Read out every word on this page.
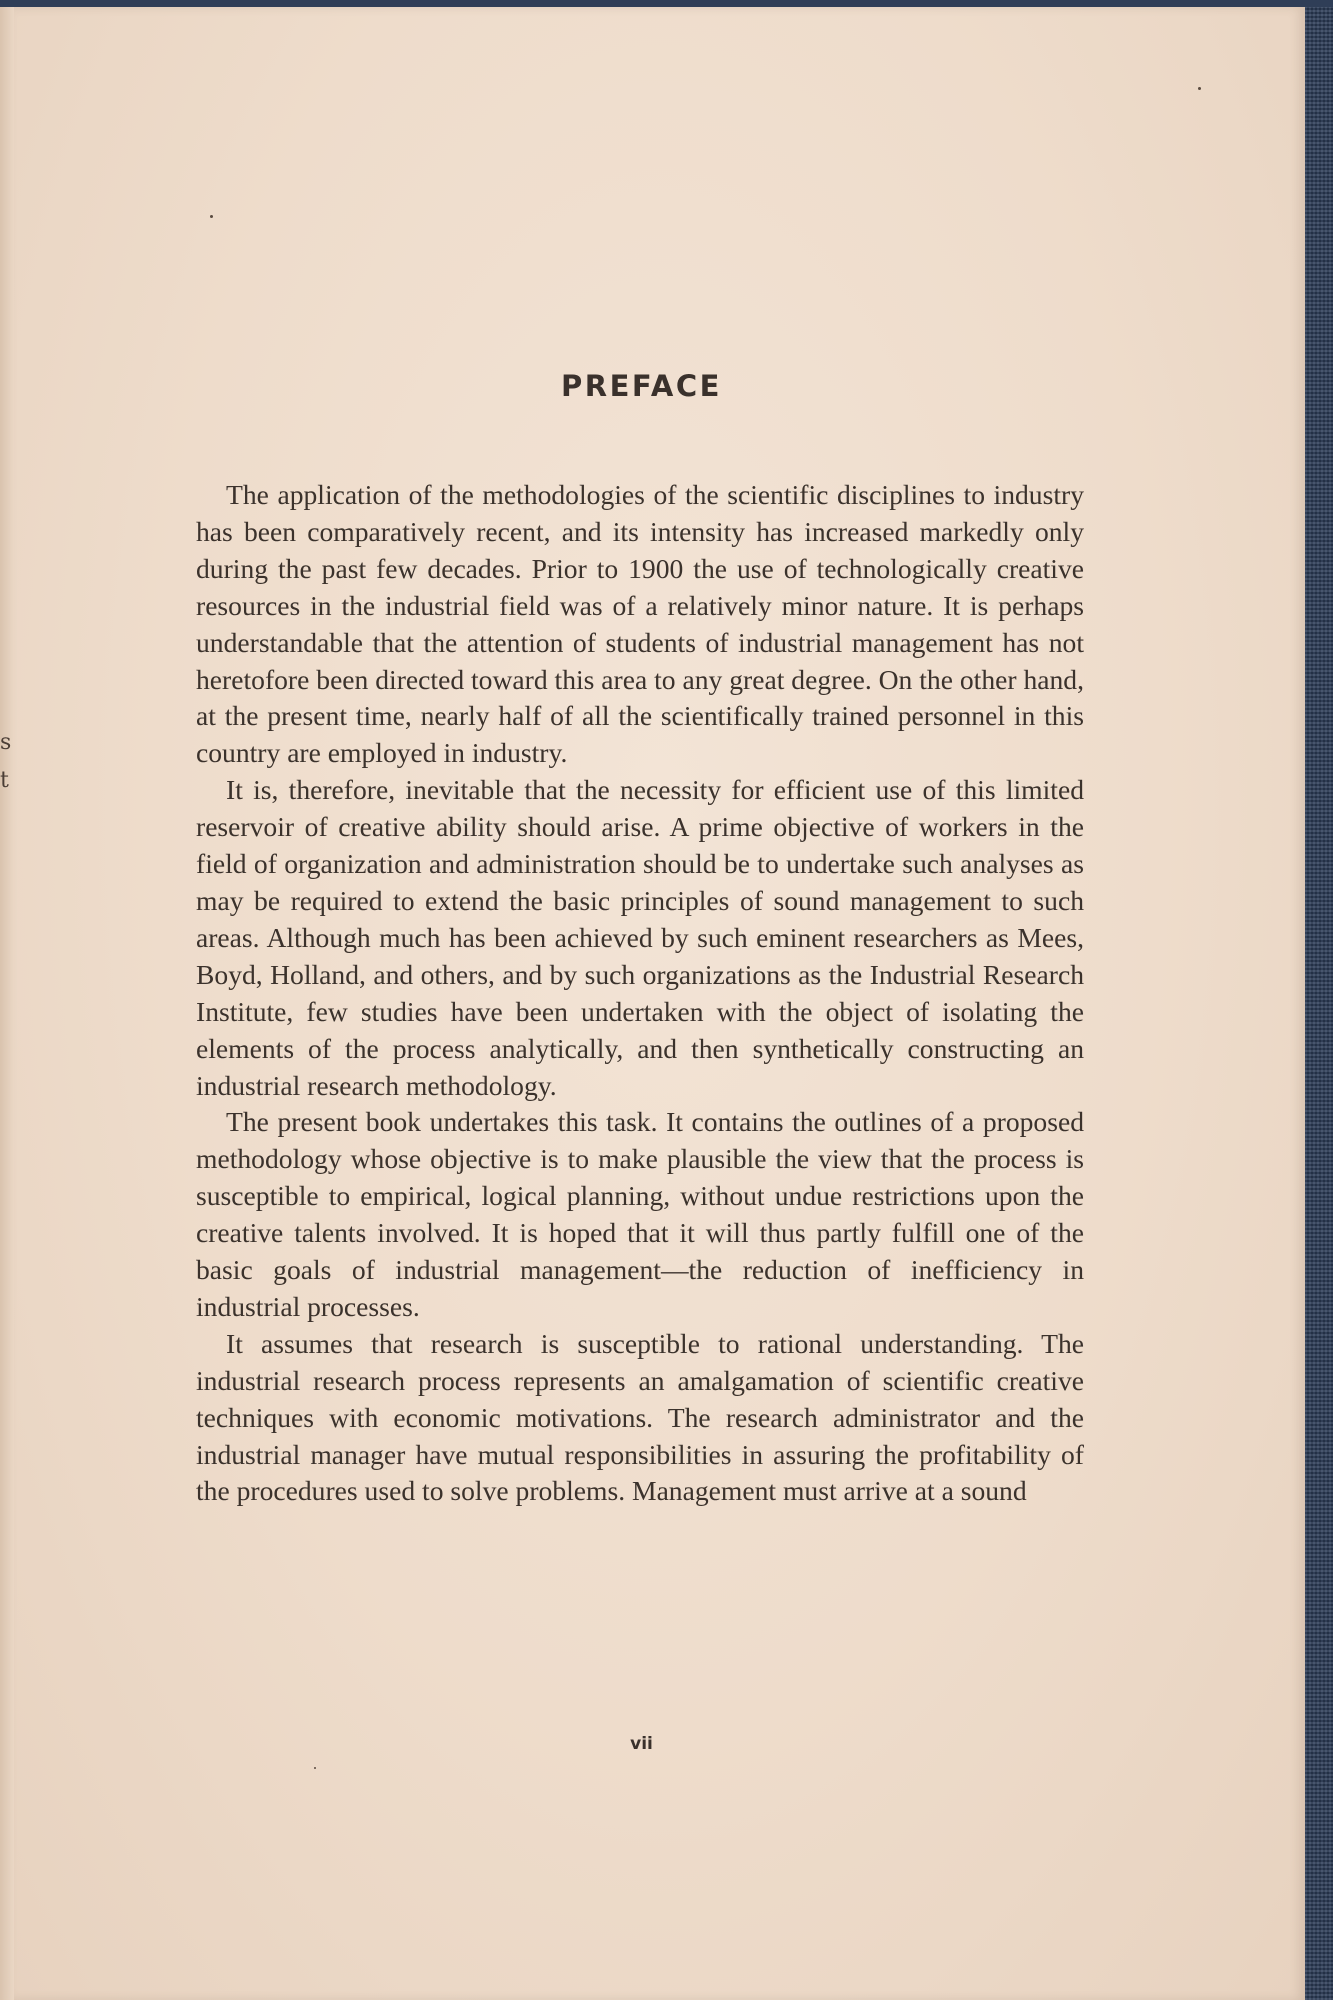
s
t
PREFACE

The application of the methodologies of the scientific disciplines to industry has been comparatively recent, and its intensity has increased markedly only during the past few decades. Prior to 1900 the use of technologically creative resources in the industrial field was of a relatively minor nature. It is perhaps understandable that the attention of students of industrial management has not heretofore been directed toward this area to any great degree. On the other hand, at the present time, nearly half of all the scientifically trained personnel in this country are employed in industry.

It is, therefore, inevitable that the necessity for efficient use of this limited reservoir of creative ability should arise. A prime objective of workers in the field of organization and administration should be to undertake such analyses as may be required to extend the basic principles of sound management to such areas. Although much has been achieved by such eminent researchers as Mees, Boyd, Holland, and others, and by such organizations as the Industrial Research Institute, few studies have been undertaken with the object of isolating the elements of the process analytically, and then synthetically constructing an industrial research methodology.

The present book undertakes this task. It contains the outlines of a proposed methodology whose objective is to make plausible the view that the process is susceptible to empirical, logical planning, without undue restrictions upon the creative talents involved. It is hoped that it will thus partly fulfill one of the basic goals of industrial management—the reduction of inefficiency in industrial processes.

It assumes that research is susceptible to rational understanding. The industrial research process represents an amalgamation of scientific creative techniques with economic motivations. The research administrator and the industrial manager have mutual responsibilities in assuring the profitability of the procedures used to solve problems. Management must arrive at a sound

vii
